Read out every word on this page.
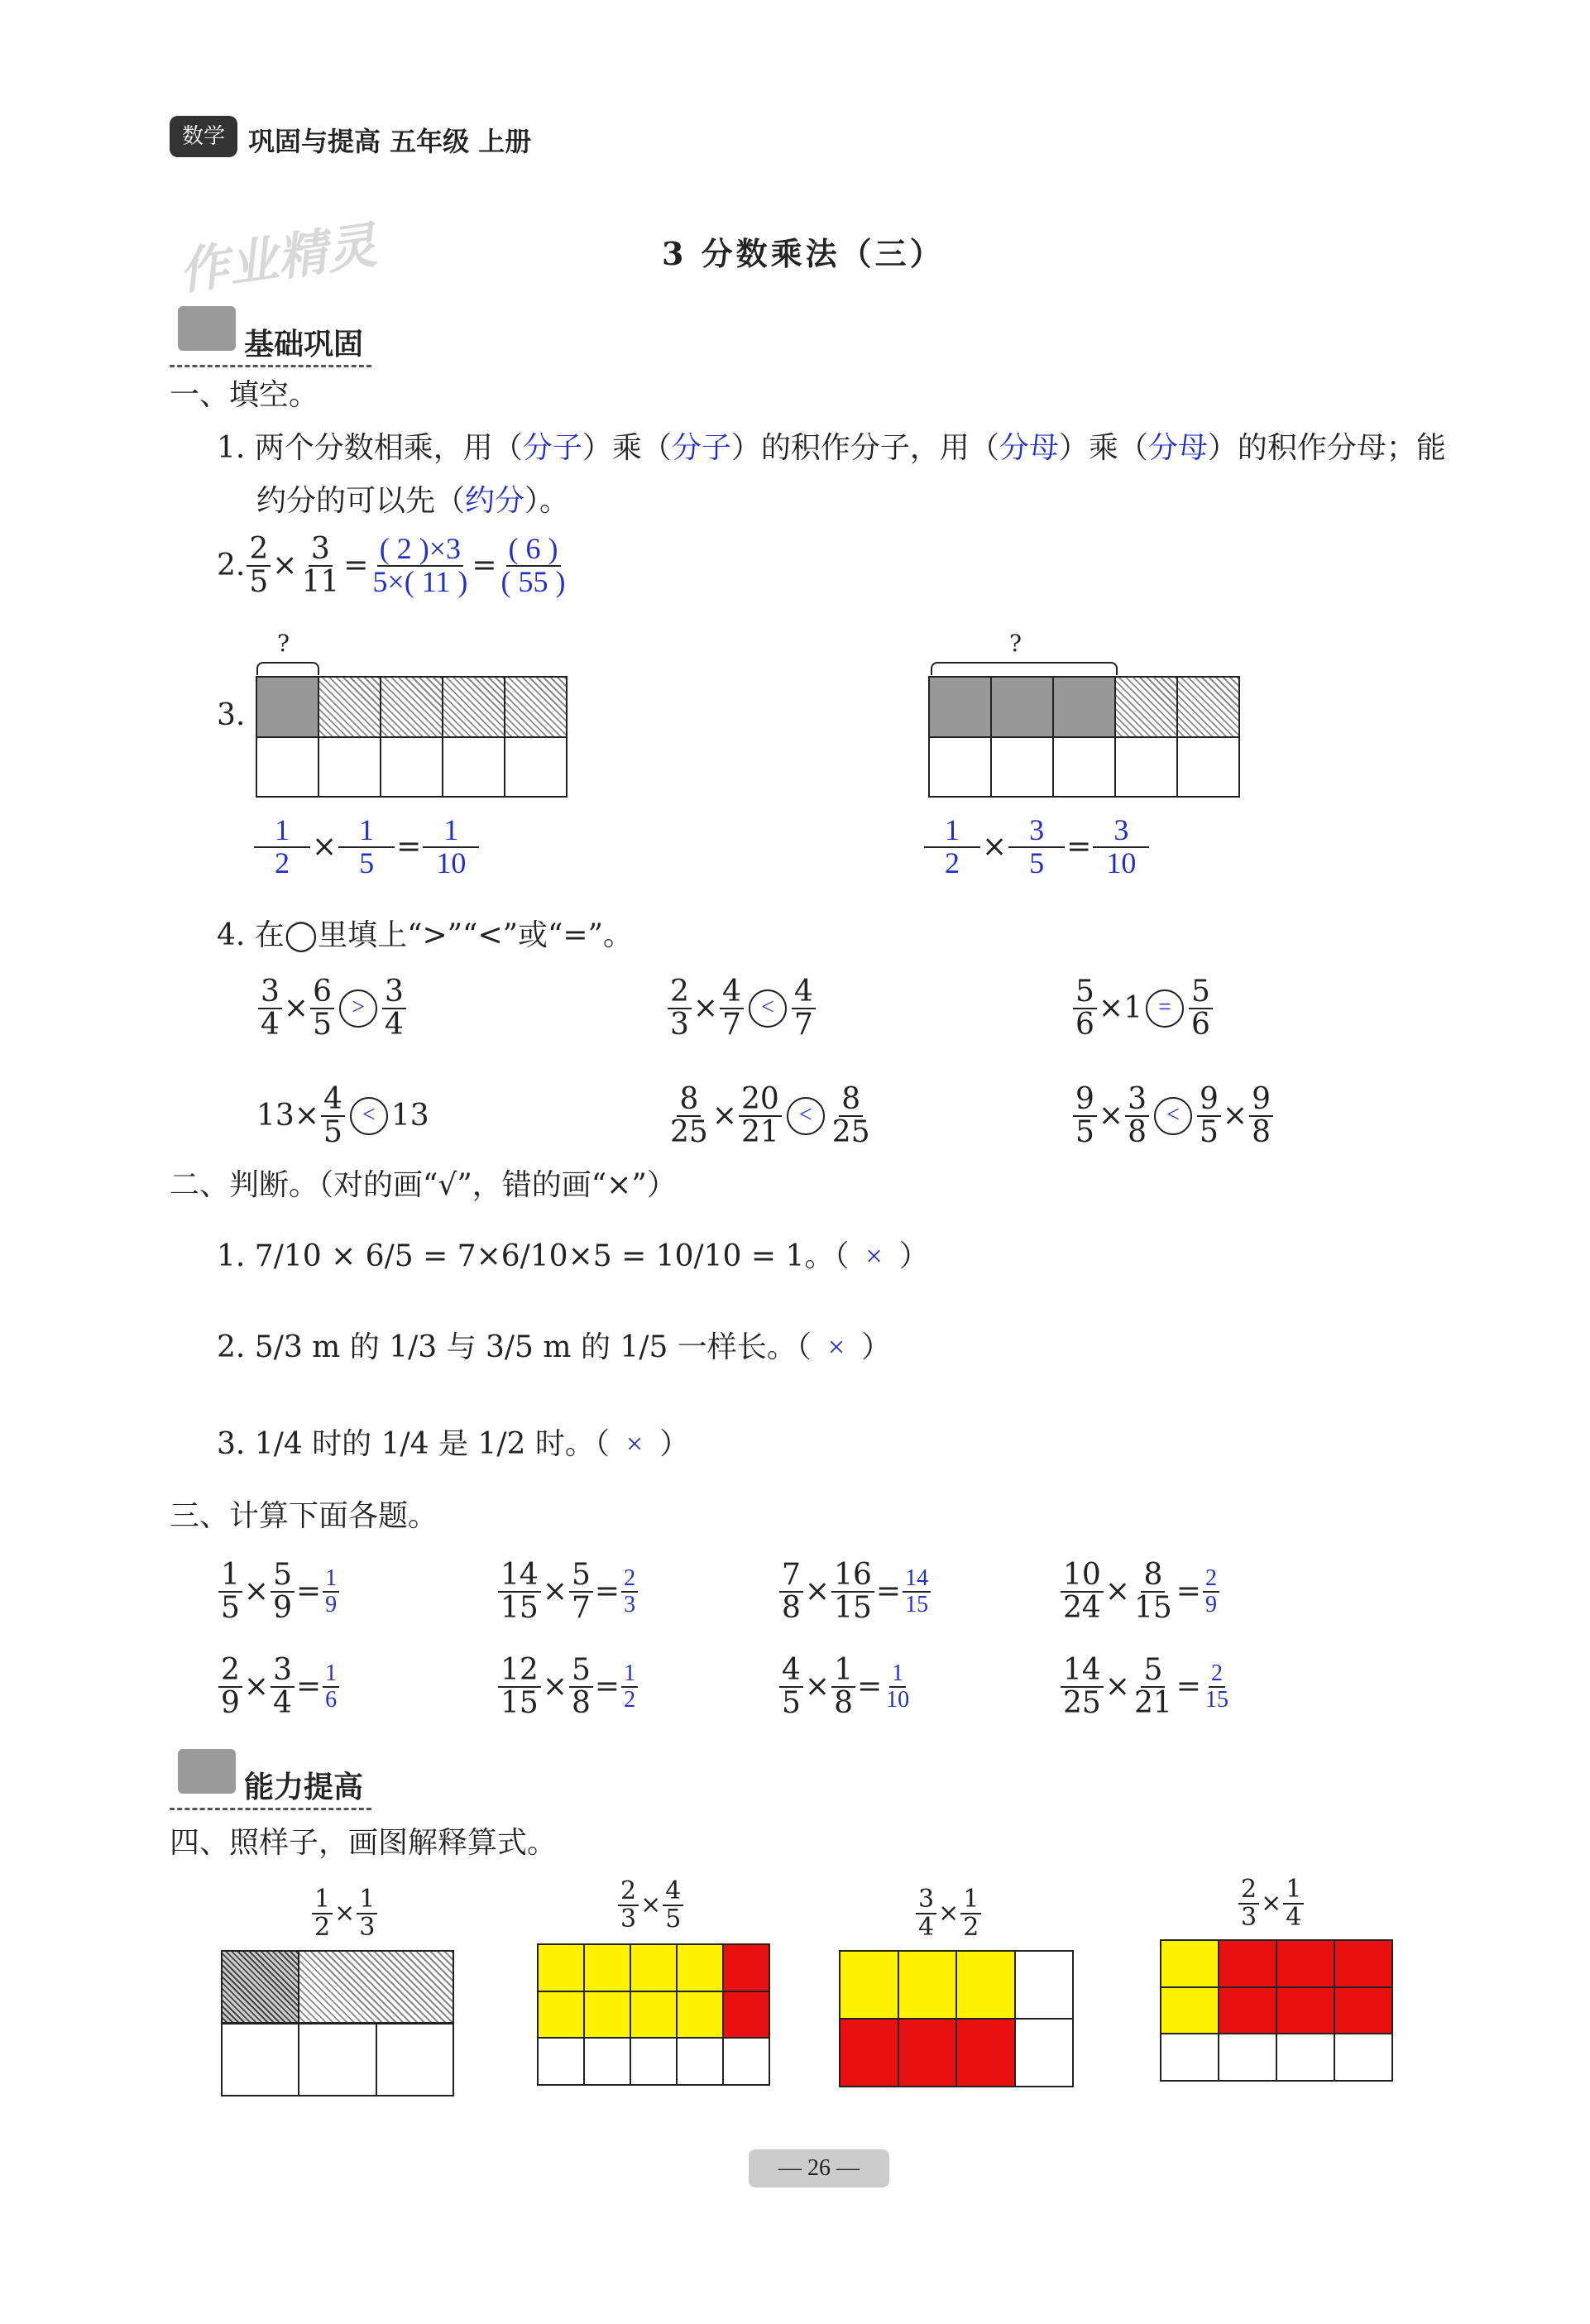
数学 巩固与提高 五年级 上册
作业精灵	3 分数乘法（三）
基础巩固
一、填空。
1. 两个分数相乘，用（分子）乘（分子）的积作分子，用（分母）乘（分母）的积作分母；能
约分的可以先（约分）。
2. $\frac{2}{5} \times \frac{3}{11} = \frac{( 2 )\times 3}{5\times( 11 )} = \frac{( 6 )}{( 55 )}$
3.
?	?
$\frac{1}{2} \times \frac{1}{5} = \frac{1}{10}$	$\frac{1}{2} \times \frac{3}{5} = \frac{3}{10}$
4. 在◯里填上“>”“<”或“=”。
$\frac{3}{4} \times \frac{6}{5} > \frac{3}{4}$	$\frac{2}{3} \times \frac{4}{7} < \frac{4}{7}$	$\frac{5}{6} \times 1 = \frac{5}{6}$
$13 \times \frac{4}{5} < 13$	$\frac{8}{25} \times \frac{20}{21} < \frac{8}{25}$	$\frac{9}{5} \times \frac{3}{8} < \frac{9}{5} \times \frac{9}{8}$
二、判断。（对的画“√”，错的画“×”）
1. 7/10 × 6/5 = 7×6/10×5 = 10/10 = 1。（ × ）
2. 5/3 m 的 1/3 与 3/5 m 的 1/5 一样长。（ × ）
3. 1/4 时的 1/4 是 1/2 时。（ × ）
三、计算下面各题。
$\frac{1}{5} \times \frac{5}{9} = \frac{1}{9}$	$\frac{14}{15} \times \frac{5}{7} = \frac{2}{3}$	$\frac{7}{8} \times \frac{16}{15} = \frac{14}{15}$	$\frac{10}{24} \times \frac{8}{15} = \frac{2}{9}$
$\frac{2}{9} \times \frac{3}{4} = \frac{1}{6}$	$\frac{12}{15} \times \frac{5}{8} = \frac{1}{2}$	$\frac{4}{5} \times \frac{1}{8} = \frac{1}{10}$	$\frac{14}{25} \times \frac{5}{21} = \frac{2}{15}$
能力提高
四、照样子，画图解释算式。
$\frac{1}{2} \times \frac{1}{3}$	$\frac{2}{3} \times \frac{4}{5}$	$\frac{3}{4} \times \frac{1}{2}$	$\frac{2}{3} \times \frac{1}{4}$
— 26 —
